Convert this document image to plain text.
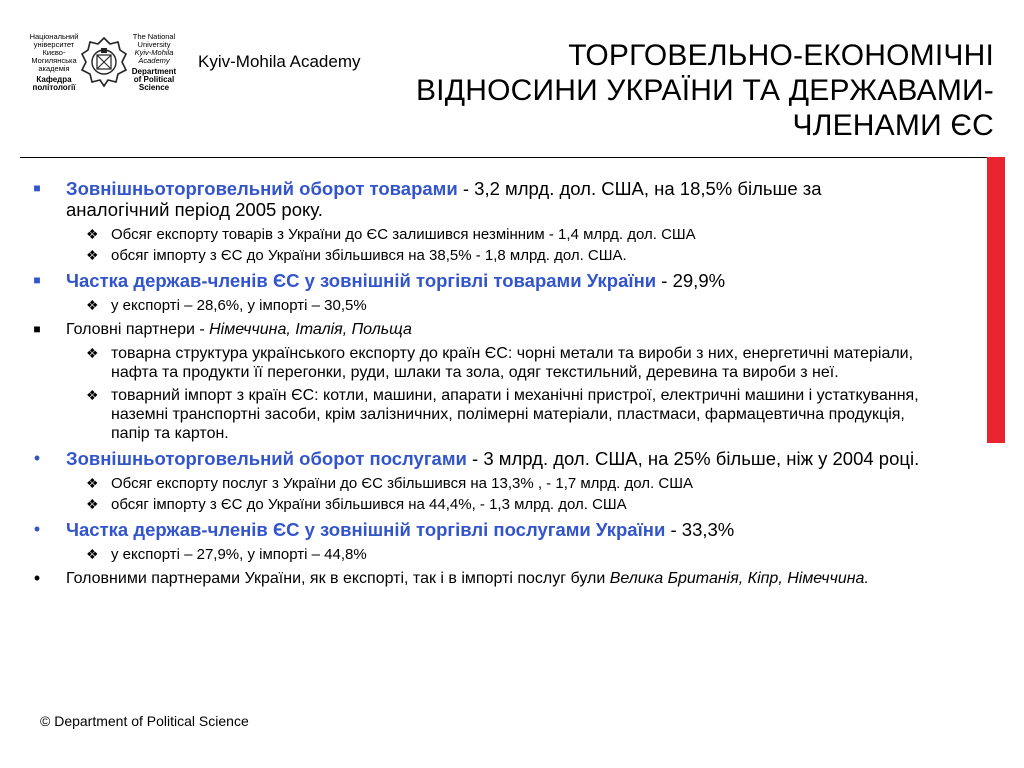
Національний
університет
Києво-
Могилянська
академія
Кафедра
політології
The National
University
Kyiv-Mohila
Academy
Department
of Political
Science
Kyiv-Mohila Academy	ТОРГОВЕЛЬНО-ЕКОНОМІЧНІ
ВІДНОСИНИ УКРАЇНИ ТА ДЕРЖАВАМИ-
ЧЛЕНАМИ ЄС
■ Зовнішньоторговельний оборот товарами - 3,2 млрд. дол. США, на 18,5% більше за аналогічний період 2005 року.
❖ Обсяг експорту товарів з України до ЄС залишився незмінним - 1,4 млрд. дол. США
❖ обсяг імпорту з ЄС до України збільшився на 38,5% - 1,8 млрд. дол. США.
■ Частка держав-членів ЄС у зовнішній торгівлі товарами України - 29,9%
❖ у експорті – 28,6%, у імпорті – 30,5%
■ Головні партнери - Німеччина, Італія, Польща
❖ товарна структура українського експорту до країн ЄС: чорні метали та вироби з них, енергетичні матеріали, нафта та продукти її перегонки, руди, шлаки та зола, одяг текстильний, деревина та вироби з неї.
❖ товарний імпорт з країн ЄС: котли, машини, апарати і механічні пристрої, електричні машини і устаткування, наземні транспортні засоби, крім залізничних, полімерні матеріали, пластмаси, фармацевтична продукція, папір та картон.
• Зовнішньоторговельний оборот послугами - 3 млрд. дол. США, на 25% більше, ніж у 2004 році.
❖ Обсяг експорту послуг з України до ЄС збільшився на 13,3% , - 1,7 млрд. дол. США
❖ обсяг імпорту з ЄС до України збільшився на 44,4%, - 1,3 млрд. дол. США
• Частка держав-членів ЄС у зовнішній торгівлі послугами України - 33,3%
❖ у експорті – 27,9%, у імпорті – 44,8%
• Головними партнерами України, як в експорті, так і в імпорті послуг були Велика Британія, Кіпр, Німеччина.
© Department of Political Science
